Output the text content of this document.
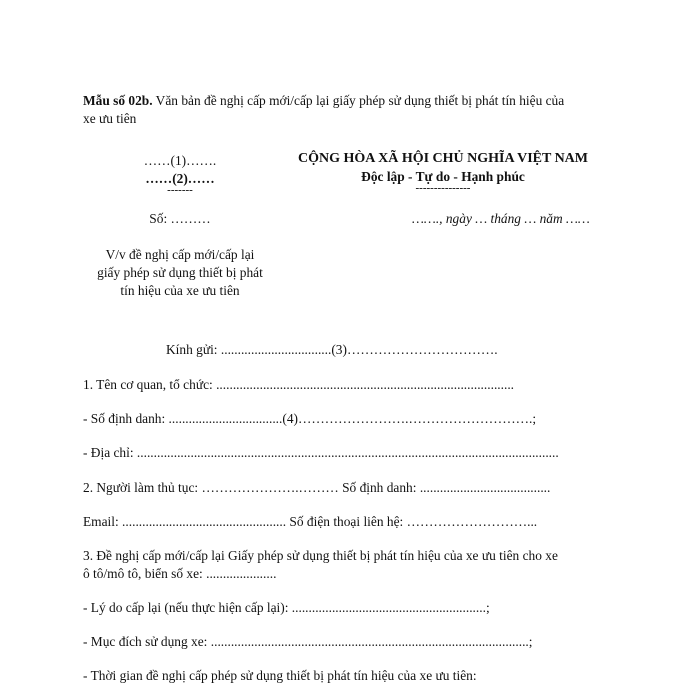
Mẫu số 02b. Văn bản đề nghị cấp mới/cấp lại giấy phép sử dụng thiết bị phát tín hiệu của
xe ưu tiên
……(1)…….
……(2)……
-------
Số: ………
V/v đề nghị cấp mới/cấp lại
giấy phép sử dụng thiết bị phát
tín hiệu của xe ưu tiên
CỘNG HÒA XÃ HỘI CHỦ NGHĨA VIỆT NAM
Độc lập - Tự do - Hạnh phúc
---------------
……., ngày … tháng … năm ……
Kính gửi: .................................(3)…………………………….
1. Tên cơ quan, tổ chức: .........................................................................................
- Số định danh: ..................................(4)…………………….……………………….;
- Địa chỉ: ..............................................................................................................................
2. Người làm thủ tục: ………………….……… Số định danh: .......................................
Email: ................................................. Số điện thoại liên hệ: ………………………...
3. Đề nghị cấp mới/cấp lại Giấy phép sử dụng thiết bị phát tín hiệu của xe ưu tiên cho xe
ô tô/mô tô, biển số xe: .....................
- Lý do cấp lại (nếu thực hiện cấp lại): ..........................................................;
- Mục đích sử dụng xe: ...............................................................................................;
- Thời gian đề nghị cấp phép sử dụng thiết bị phát tín hiệu của xe ưu tiên:
